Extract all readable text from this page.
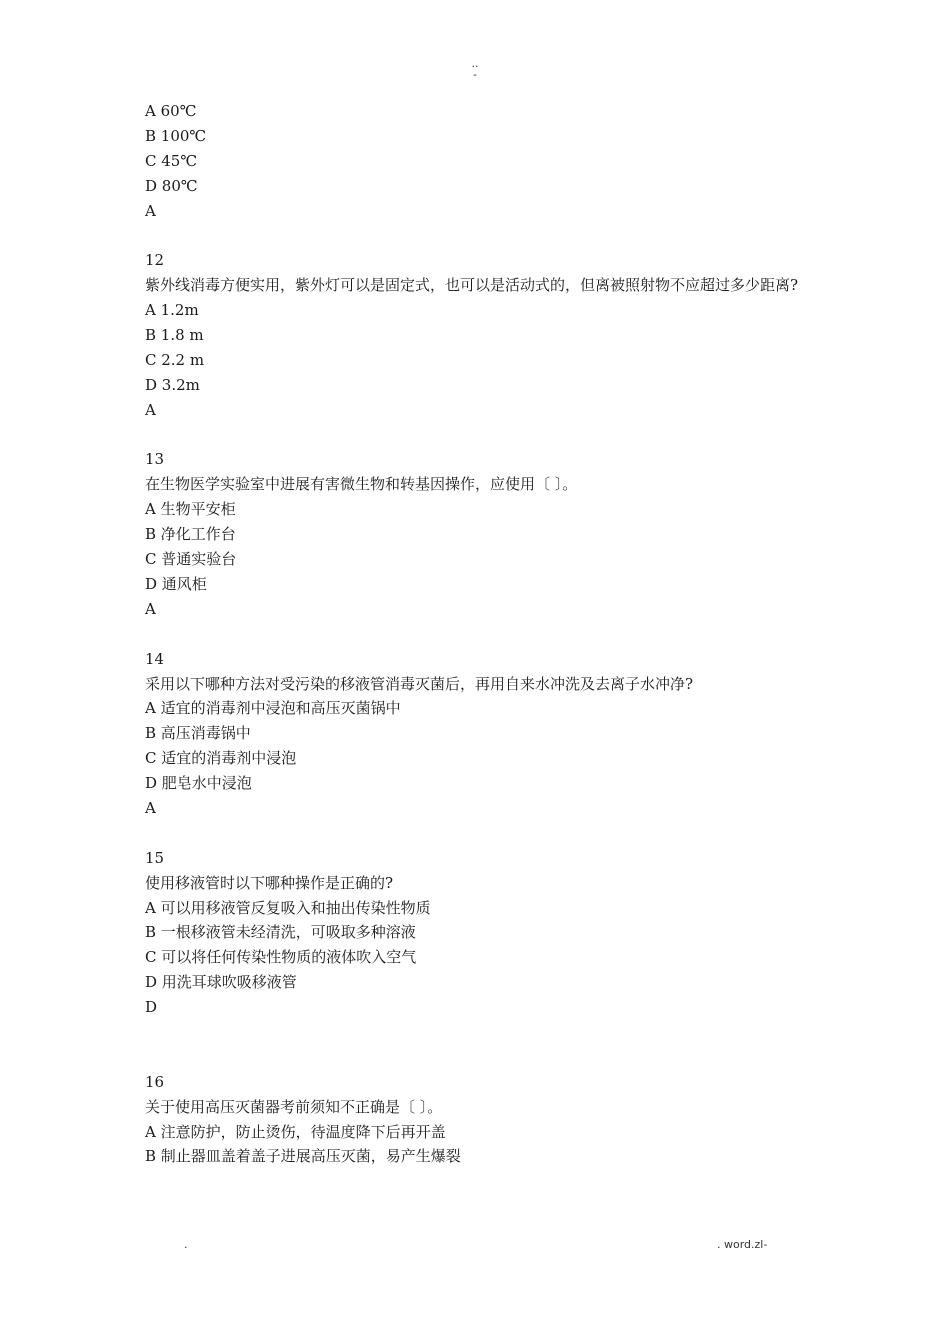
..
-
A 60℃
B 100℃
C 45℃
D 80℃
A
12
紫外线消毒方便实用，紫外灯可以是固定式，也可以是活动式的，但离被照射物不应超过多少距离?
A 1.2m
B 1.8 m
C 2.2 m
D 3.2m
A
13
在生物医学实验室中进展有害微生物和转基因操作，应使用〔 〕。
A 生物平安柜
B 净化工作台
C 普通实验台
D 通风柜
A
14
采用以下哪种方法对受污染的移液管消毒灭菌后，再用自来水冲洗及去离子水冲净?
A 适宜的消毒剂中浸泡和高压灭菌锅中
B 高压消毒锅中
C 适宜的消毒剂中浸泡
D 肥皂水中浸泡
A
15
使用移液管时以下哪种操作是正确的?
A 可以用移液管反复吸入和抽出传染性物质
B 一根移液管未经清洗，可吸取多种溶液
C 可以将任何传染性物质的液体吹入空气
D 用洗耳球吹吸移液管
D
16
关于使用高压灭菌器考前须知不正确是〔 〕。
A 注意防护，防止烫伤，待温度降下后再开盖
B 制止器皿盖着盖子进展高压灭菌，易产生爆裂
.	. word.zl-
